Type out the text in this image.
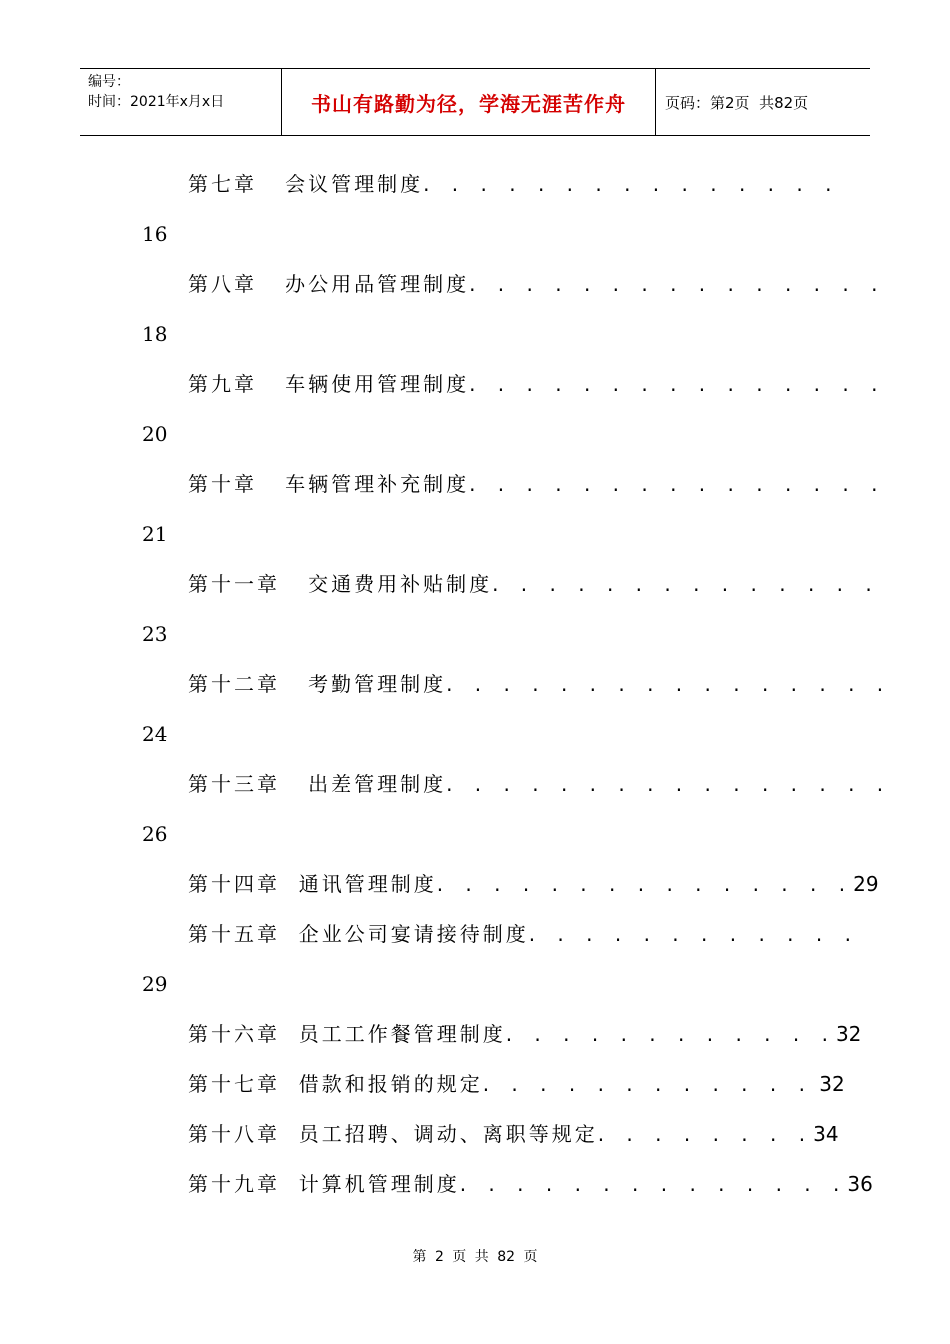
编号：
时间：2021年x月x日	书山有路勤为径，学海无涯苦作舟	页码：第2页  共82页
第七章   会议管理制度 . . . . . . . . . . . . . . .
16
第八章   办公用品管理制度 . . . . . . . . . . . . . . .
18
第九章   车辆使用管理制度 . . . . . . . . . . . . . . .
20
第十章   车辆管理补充制度 . . . . . . . . . . . . . . .
21
第十一章   交通费用补贴制度 . . . . . . . . . . . . . .
23
第十二章   考勤管理制度 . . . . . . . . . . . . . . . .
24
第十三章   出差管理制度 . . . . . . . . . . . . . . . .
26
第十四章  通讯管理制度 . . . . . . . . . . . . . . . 29
第十五章  企业公司宴请接待制度 . . . . . . . . . . . .
29
第十六章  员工工作餐管理制度 . . . . . . . . . . . . 32
第十七章  借款和报销的规定 . . . . . . . . . . . . 32
第十八章  员工招聘、调动、离职等规定 . . . . . . . . 34
第十九章  计算机管理制度 . . . . . . . . . . . . . . 36
第 2 页 共 82 页
